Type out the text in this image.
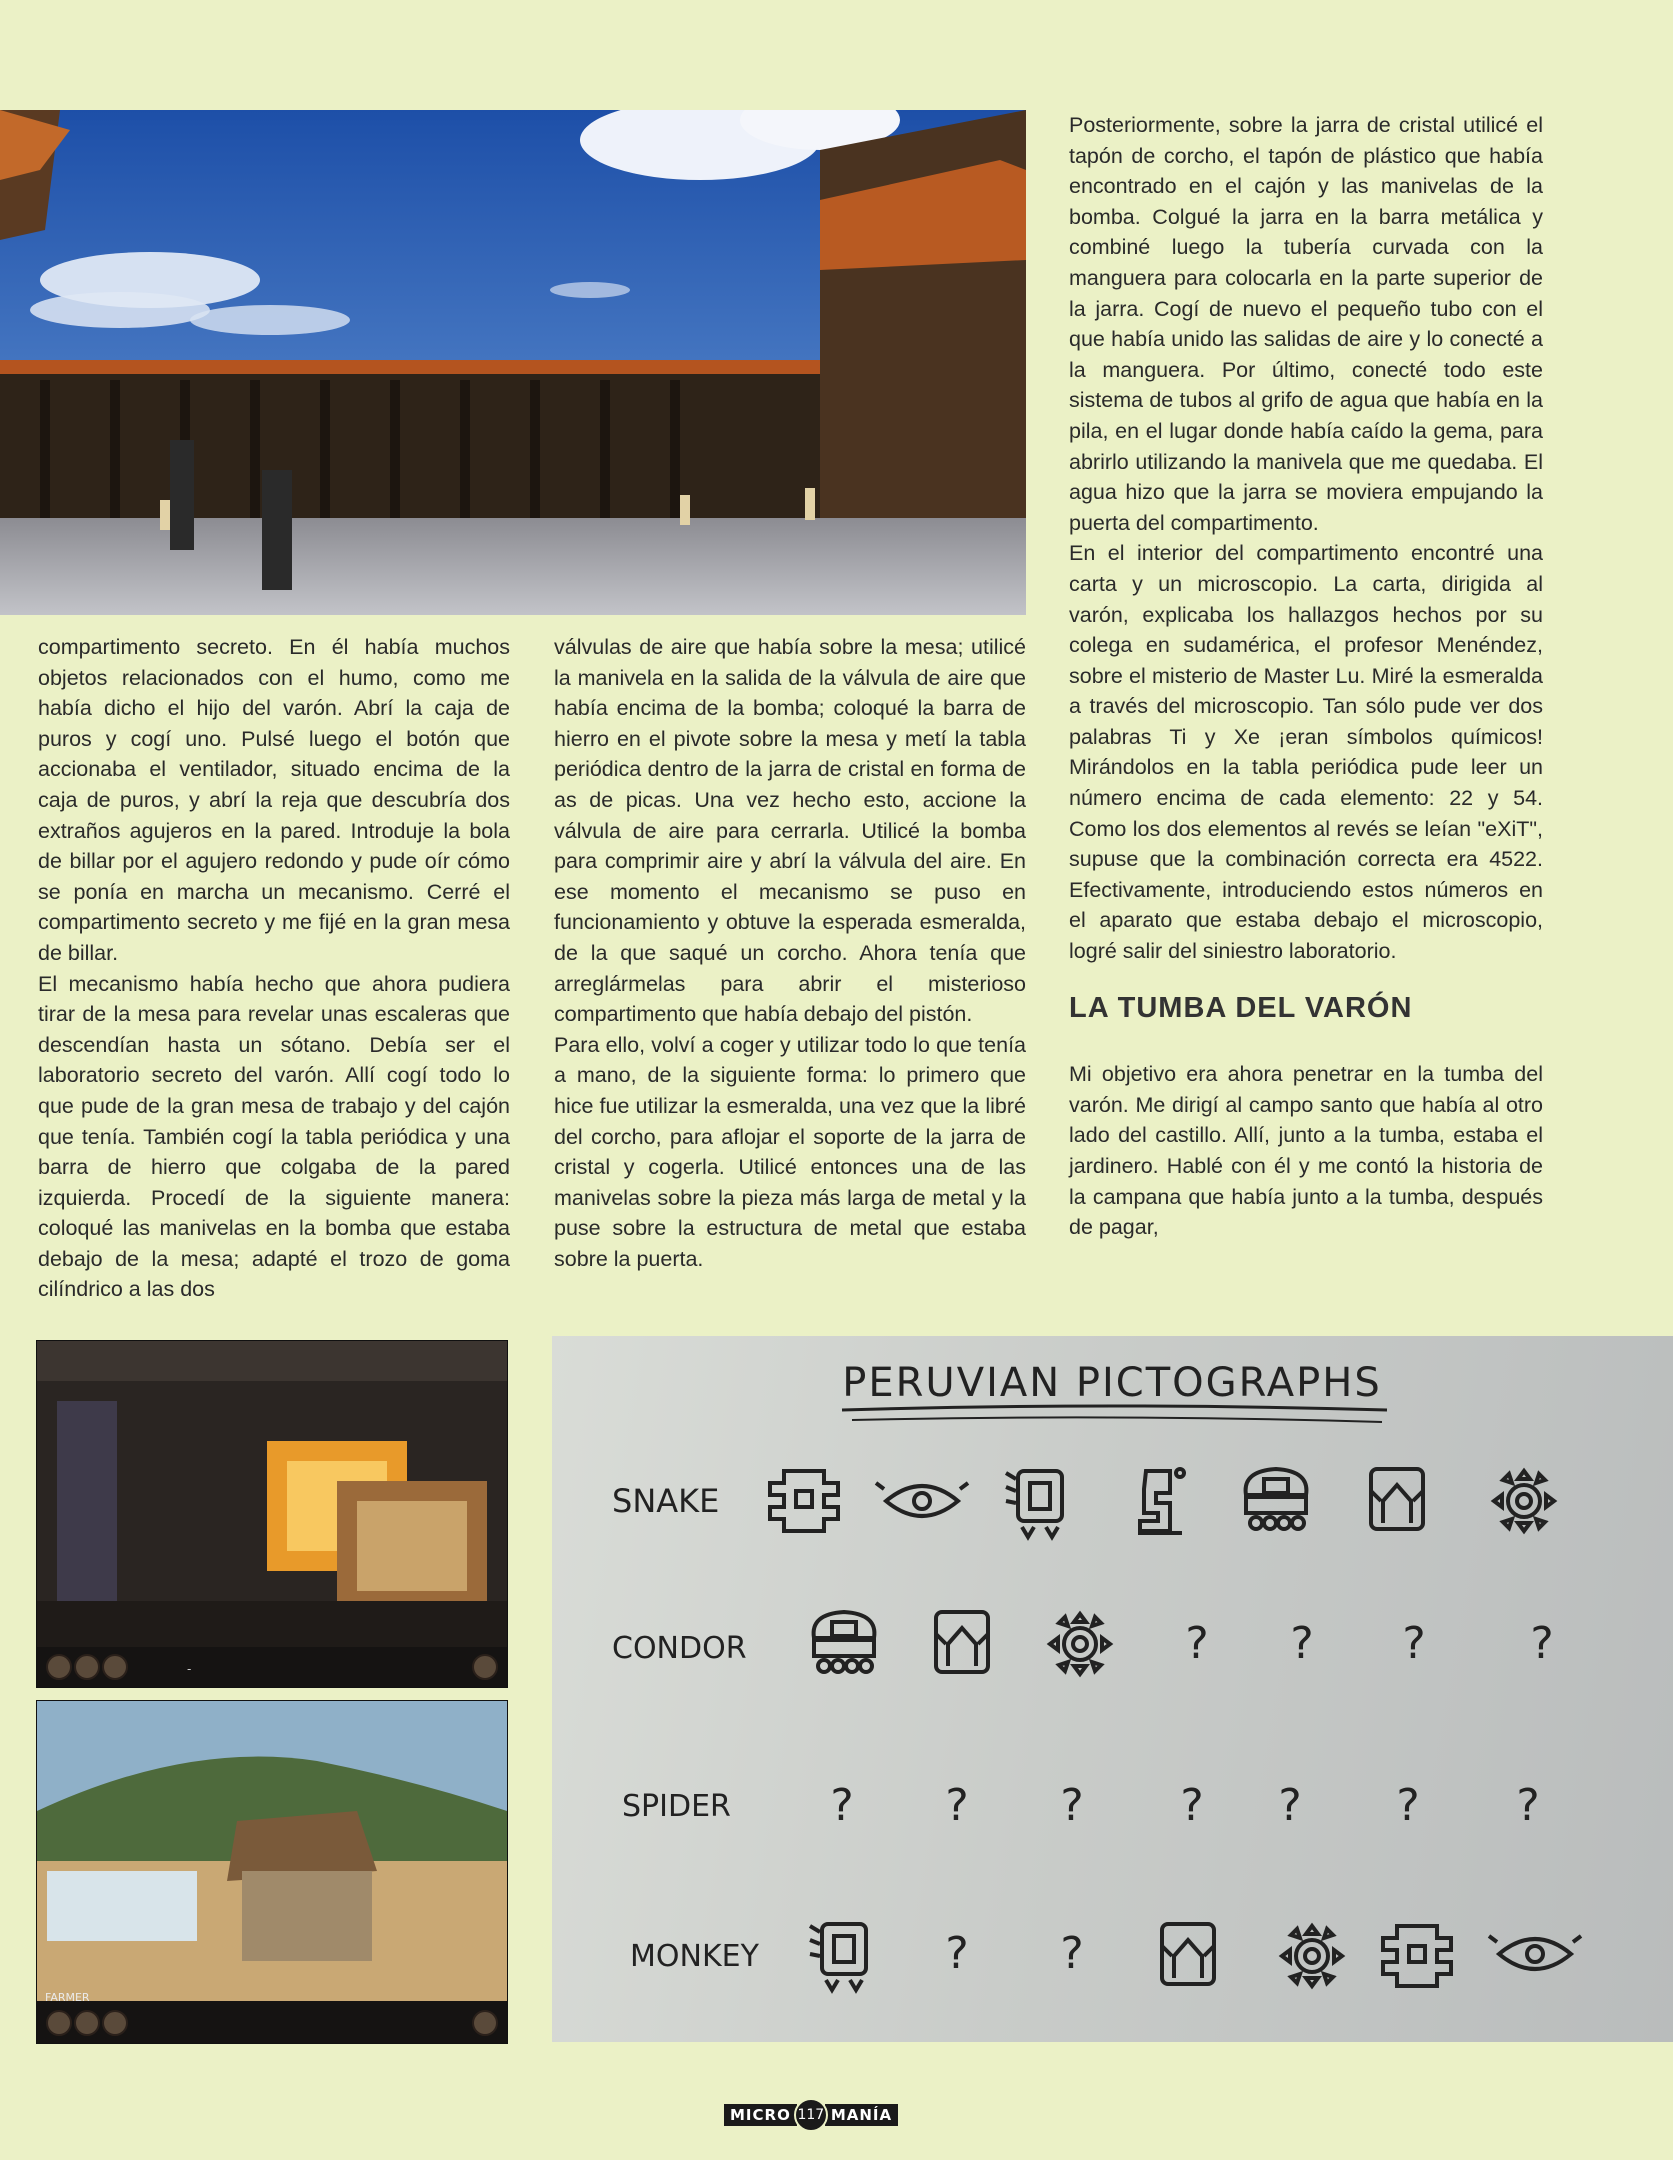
compartimento secreto. En él había muchos objetos relacionados con el humo, como me había dicho el hijo del varón. Abrí la caja de puros y cogí uno. Pulsé luego el botón que accionaba el ventilador, situado encima de la caja de puros, y abrí la reja que descubría dos extraños agujeros en la pared. Introduje la bola de billar por el agujero redondo y pude oír cómo se ponía en marcha un mecanismo. Cerré el compartimento secreto y me fijé en la gran mesa de billar.

El mecanismo había hecho que ahora pudiera tirar de la mesa para revelar unas escaleras que descendían hasta un sótano. Debía ser el laboratorio secreto del varón. Allí cogí todo lo que pude de la gran mesa de trabajo y del cajón que tenía. También cogí la tabla periódica y una barra de hierro que colgaba de la pared izquierda. Procedí de la siguiente manera: coloqué las manivelas en la bomba que estaba debajo de la mesa; adapté el trozo de goma cilíndrico a las dos

válvulas de aire que había sobre la mesa; utilicé la manivela en la salida de la válvula de aire que había encima de la bomba; coloqué la barra de hierro en el pivote sobre la mesa y metí la tabla periódica dentro de la jarra de cristal en forma de as de picas. Una vez hecho esto, accione la válvula de aire para cerrarla. Utilicé la bomba para comprimir aire y abrí la válvula del aire. En ese momento el mecanismo se puso en funcionamiento y obtuve la esperada esmeralda, de la que saqué un corcho. Ahora tenía que arreglármelas para abrir el misterioso compartimento que había debajo del pistón.

Para ello, volví a coger y utilizar todo lo que tenía a mano, de la siguiente forma: lo primero que hice fue utilizar la esmeralda, una vez que la libré del corcho, para aflojar el soporte de la jarra de cristal y cogerla. Utilicé entonces una de las manivelas sobre la pieza más larga de metal y la puse sobre la estructura de metal que estaba sobre la puerta.

Posteriormente, sobre la jarra de cristal utilicé el tapón de corcho, el tapón de plástico que había encontrado en el cajón y las manivelas de la bomba. Colgué la jarra en la barra metálica y combiné luego la tubería curvada con la manguera para colocarla en la parte superior de la jarra. Cogí de nuevo el pequeño tubo con el que había unido las salidas de aire y lo conecté a la manguera. Por último, conecté todo este sistema de tubos al grifo de agua que había en la pila, en el lugar donde había caído la gema, para abrirlo utilizando la manivela que me quedaba. El agua hizo que la jarra se moviera empujando la puerta del compartimento.

En el interior del compartimento encontré una carta y un microscopio. La carta, dirigida al varón, explicaba los hallazgos hechos por su colega en sudamérica, el profesor Menéndez, sobre el misterio de Master Lu. Miré la esmeralda a través del microscopio. Tan sólo pude ver dos palabras Ti y Xe ¡eran símbolos químicos! Mirándolos en la tabla periódica pude leer un número encima de cada elemento: 22 y 54. Como los dos elementos al revés se leían "eXiT", supuse que la combinación correcta era 4522. Efectivamente, introduciendo estos números en el aparato que estaba debajo el microscopio, logré salir del siniestro laboratorio.

LA TUMBA DEL VARÓN

Mi objetivo era ahora penetrar en la tumba del varón. Me dirigí al campo santo que había al otro lado del castillo. Allí, junto a la tumba, estaba el jardinero. Hablé con él y me contó la historia de la campana que había junto a la tumba, después de pagar,

-
FARMER
PERUVIAN PICTOGRAPHS
SNAKE
CONDOR	? ? ? ?
SPIDER ? ? ? ? ? ? ?
MONKEY	? ?
MICRO 117 MANÍA
